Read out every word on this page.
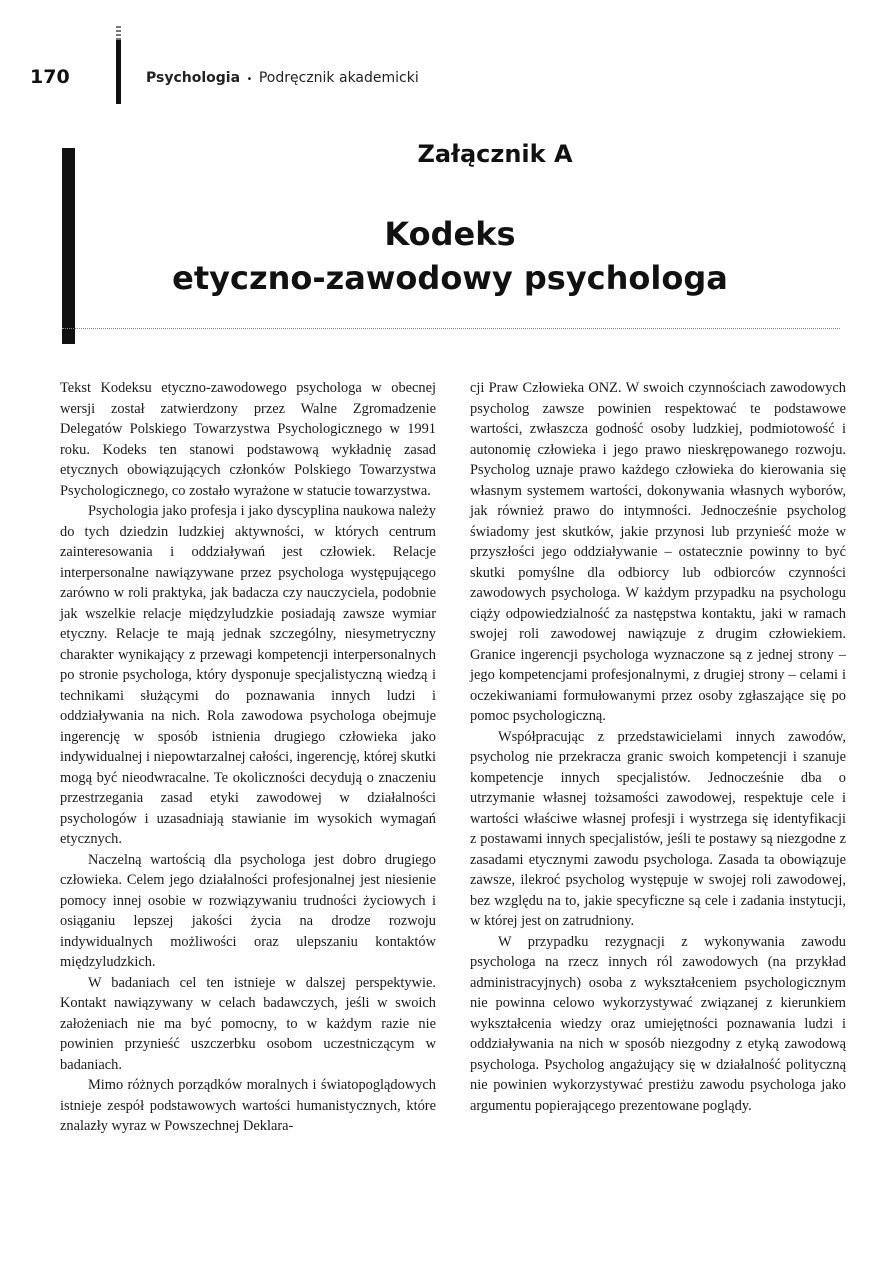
170	Psychologia • Podręcznik akademicki
Załącznik A
Kodeks
etyczno-zawodowy psychologa

Tekst Kodeksu etyczno-zawodowego psychologa w obecnej wersji został zatwierdzony przez Walne Zgromadzenie Delegatów Polskiego Towarzystwa Psychologicznego w 1991 roku. Kodeks ten stanowi podstawową wykładnię zasad etycznych obowiązujących członków Polskiego Towarzystwa Psychologicznego, co zostało wyrażone w statucie towarzystwa.

Psychologia jako profesja i jako dyscyplina naukowa należy do tych dziedzin ludzkiej aktywności, w których centrum zainteresowania i oddziaływań jest człowiek. Relacje interpersonalne nawiązywane przez psychologa występującego zarówno w roli praktyka, jak badacza czy nauczyciela, podobnie jak wszelkie relacje międzyludzkie posiadają zawsze wymiar etyczny. Relacje te mają jednak szczególny, niesymetryczny charakter wynikający z przewagi kompetencji interpersonalnych po stronie psychologa, który dysponuje specjalistyczną wiedzą i technikami służącymi do poznawania innych ludzi i oddziaływania na nich. Rola zawodowa psychologa obejmuje ingerencję w sposób istnienia drugiego człowieka jako indywidualnej i niepowtarzalnej całości, ingerencję, której skutki mogą być nieodwracalne. Te okoliczności decydują o znaczeniu przestrzegania zasad etyki zawodowej w działalności psychologów i uzasadniają stawianie im wysokich wymagań etycznych.

Naczelną wartością dla psychologa jest dobro drugiego człowieka. Celem jego działalności profesjonalnej jest niesienie pomocy innej osobie w rozwiązywaniu trudności życiowych i osiąganiu lepszej jakości życia na drodze rozwoju indywidualnych możliwości oraz ulepszaniu kontaktów międzyludzkich.

W badaniach cel ten istnieje w dalszej perspektywie. Kontakt nawiązywany w celach badawczych, jeśli w swoich założeniach nie ma być pomocny, to w każdym razie nie powinien przynieść uszczerbku osobom uczestniczącym w badaniach.

Mimo różnych porządków moralnych i światopoglądowych istnieje zespół podstawowych wartości humanistycznych, które znalazły wyraz w Powszechnej Deklara-

cji Praw Człowieka ONZ. W swoich czynnościach zawodowych psycholog zawsze powinien respektować te podstawowe wartości, zwłaszcza godność osoby ludzkiej, podmiotowość i autonomię człowieka i jego prawo nieskrępowanego rozwoju. Psycholog uznaje prawo każdego człowieka do kierowania się własnym systemem wartości, dokonywania własnych wyborów, jak również prawo do intymności. Jednocześnie psycholog świadomy jest skutków, jakie przynosi lub przynieść może w przyszłości jego oddziaływanie – ostatecznie powinny to być skutki pomyślne dla odbiorcy lub odbiorców czynności zawodowych psychologa. W każdym przypadku na psychologu ciąży odpowiedzialność za następstwa kontaktu, jaki w ramach swojej roli zawodowej nawiązuje z drugim człowiekiem. Granice ingerencji psychologa wyznaczone są z jednej strony – jego kompetencjami profesjonalnymi, z drugiej strony – celami i oczekiwaniami formułowanymi przez osoby zgłaszające się po pomoc psychologiczną.

Współpracując z przedstawicielami innych zawodów, psycholog nie przekracza granic swoich kompetencji i szanuje kompetencje innych specjalistów. Jednocześnie dba o utrzymanie własnej tożsamości zawodowej, respektuje cele i wartości właściwe własnej profesji i wystrzega się identyfikacji z postawami innych specjalistów, jeśli te postawy są niezgodne z zasadami etycznymi zawodu psychologa. Zasada ta obowiązuje zawsze, ilekroć psycholog występuje w swojej roli zawodowej, bez względu na to, jakie specyficzne są cele i zadania instytucji, w której jest on zatrudniony.

W przypadku rezygnacji z wykonywania zawodu psychologa na rzecz innych ról zawodowych (na przykład administracyjnych) osoba z wykształceniem psychologicznym nie powinna celowo wykorzystywać związanej z kierunkiem wykształcenia wiedzy oraz umiejętności poznawania ludzi i oddziaływania na nich w sposób niezgodny z etyką zawodową psychologa. Psycholog angażujący się w działalność polityczną nie powinien wykorzystywać prestiżu zawodu psychologa jako argumentu popierającego prezentowane poglądy.
